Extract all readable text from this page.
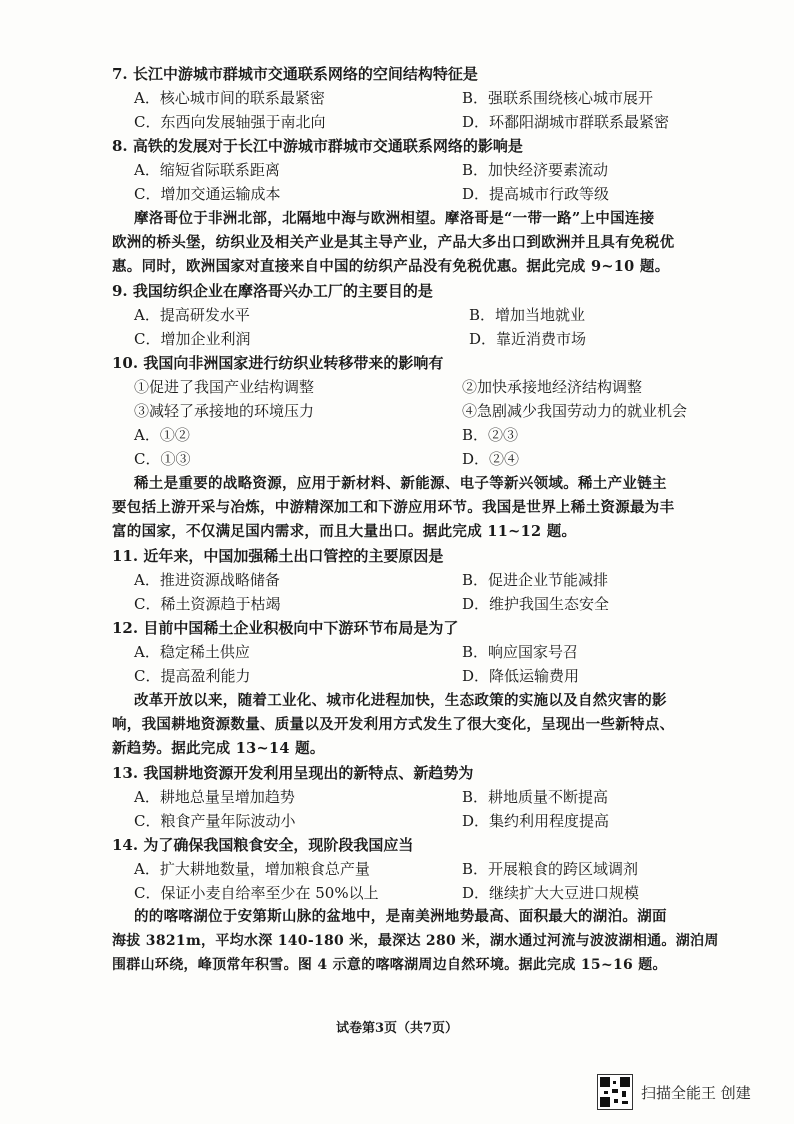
7. 长江中游城市群城市交通联系网络的空间结构特征是
A．核心城市间的联系最紧密	B．强联系围绕核心城市展开
C．东西向发展轴强于南北向	D．环鄱阳湖城市群联系最紧密
8. 高铁的发展对于长江中游城市群城市交通联系网络的影响是
A．缩短省际联系距离	B．加快经济要素流动
C．增加交通运输成本	D．提高城市行政等级
摩洛哥位于非洲北部，北隔地中海与欧洲相望。摩洛哥是“一带一路”上中国连接
欧洲的桥头堡，纺织业及相关产业是其主导产业，产品大多出口到欧洲并且具有免税优
惠。同时，欧洲国家对直接来自中国的纺织产品没有免税优惠。据此完成 9~10 题。
9. 我国纺织企业在摩洛哥兴办工厂的主要目的是
A．提高研发水平	B．增加当地就业
C．增加企业利润	D．靠近消费市场
10. 我国向非洲国家进行纺织业转移带来的影响有
①促进了我国产业结构调整	②加快承接地经济结构调整
③减轻了承接地的环境压力	④急剧减少我国劳动力的就业机会
A．①②	B．②③
C．①③	D．②④
稀土是重要的战略资源，应用于新材料、新能源、电子等新兴领域。稀土产业链主
要包括上游开采与冶炼，中游精深加工和下游应用环节。我国是世界上稀土资源最为丰
富的国家，不仅满足国内需求，而且大量出口。据此完成 11~12 题。
11. 近年来，中国加强稀土出口管控的主要原因是
A．推进资源战略储备	B．促进企业节能减排
C．稀土资源趋于枯竭	D．维护我国生态安全
12. 目前中国稀土企业积极向中下游环节布局是为了
A．稳定稀土供应	B．响应国家号召
C．提高盈利能力	D．降低运输费用
改革开放以来，随着工业化、城市化进程加快，生态政策的实施以及自然灾害的影
响，我国耕地资源数量、质量以及开发利用方式发生了很大变化，呈现出一些新特点、
新趋势。据此完成 13~14 题。
13. 我国耕地资源开发利用呈现出的新特点、新趋势为
A．耕地总量呈增加趋势	B．耕地质量不断提高
C．粮食产量年际波动小	D．集约利用程度提高
14. 为了确保我国粮食安全，现阶段我国应当
A．扩大耕地数量，增加粮食总产量	B．开展粮食的跨区域调剂
C．保证小麦自给率至少在 50%以上	D．继续扩大大豆进口规模
的的喀喀湖位于安第斯山脉的盆地中，是南美洲地势最高、面积最大的湖泊。湖面
海拔 3821m，平均水深 140-180 米，最深达 280 米，湖水通过河流与波波湖相通。湖泊周
围群山环绕，峰顶常年积雪。图 4 示意的喀喀湖周边自然环境。据此完成 15~16 题。
试卷第3页（共7页）
扫描全能王 创建
